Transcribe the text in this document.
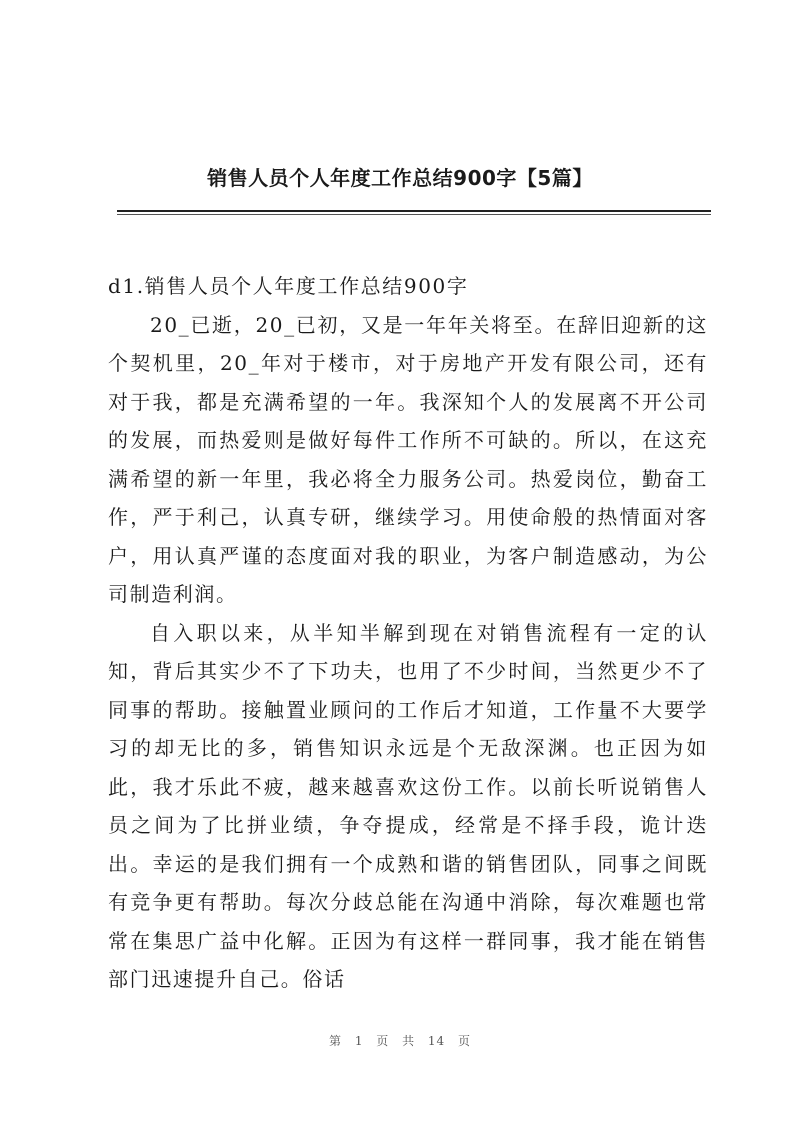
销售人员个人年度工作总结900字【5篇】

d1.销售人员个人年度工作总结900字

20_已逝，20_已初，又是一年年关将至。在辞旧迎新的这个契机里，20_年对于楼市，对于房地产开发有限公司，还有对于我，都是充满希望的一年。我深知个人的发展离不开公司的发展，而热爱则是做好每件工作所不可缺的。所以，在这充满希望的新一年里，我必将全力服务公司。热爱岗位，勤奋工作，严于利己，认真专研，继续学习。用使命般的热情面对客户，用认真严谨的态度面对我的职业，为客户制造感动，为公司制造利润。

自入职以来，从半知半解到现在对销售流程有一定的认知，背后其实少不了下功夫，也用了不少时间，当然更少不了同事的帮助。接触置业顾问的工作后才知道，工作量不大要学习的却无比的多，销售知识永远是个无敌深渊。也正因为如此，我才乐此不疲，越来越喜欢这份工作。以前长听说销售人员之间为了比拼业绩，争夺提成，经常是不择手段，诡计迭出。幸运的是我们拥有一个成熟和谐的销售团队，同事之间既有竞争更有帮助。每次分歧总能在沟通中消除，每次难题也常常在集思广益中化解。正因为有这样一群同事，我才能在销售部门迅速提升自己。俗话

第 1 页 共 14 页
